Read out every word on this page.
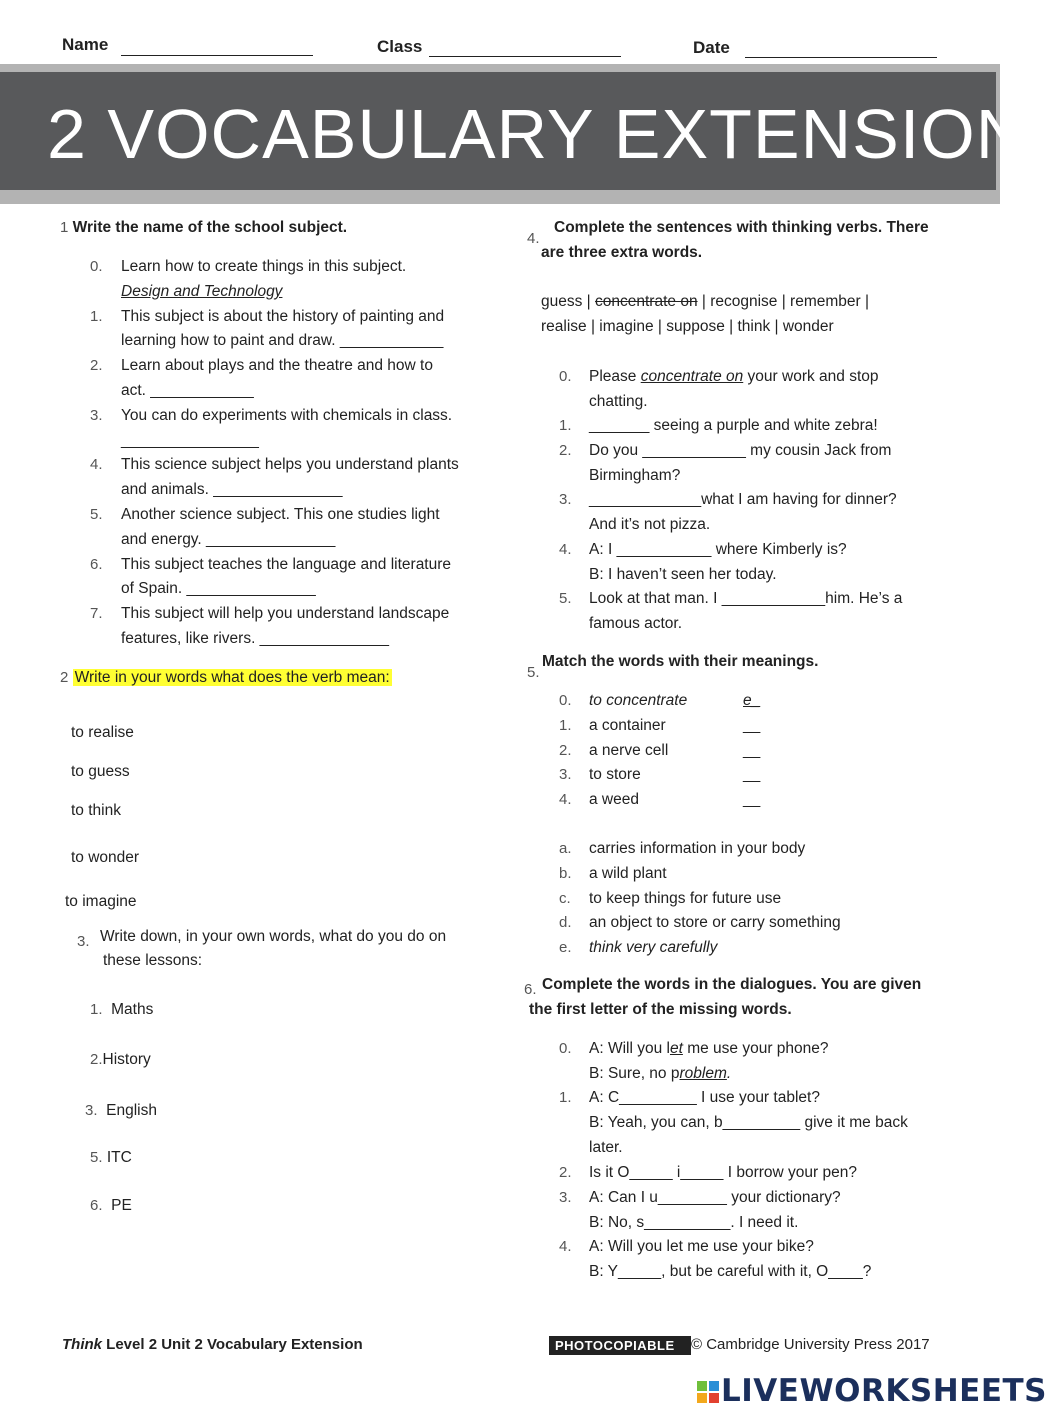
Name	Class	Date
2 VOCABULARY EXTENSION
1 Write the name of the school subject.
0. Learn how to create things in this subject.
Design and Technology
1. This subject is about the history of painting and
learning how to paint and draw. ____________
2. Learn about plays and the theatre and how to
act. ____________
3. You can do experiments with chemicals in class.
________________
4. This science subject helps you understand plants
and animals. _______________
5. Another science subject. This one studies light
and energy. _______________
6. This subject teaches the language and literature
of Spain. _______________
7. This subject will help you understand landscape
features, like rivers. _______________
2 Write in your words what does the verb mean:
to realise
to guess
to think
to wonder
to imagine
3. Write down, in your own words, what do you do on
these lessons:
1. Maths
2.History
3. English
5. ITC
6. PE
4.
Complete the sentences with thinking verbs. There
are three extra words.
guess | concentrate on | recognise | remember |
realise | imagine | suppose | think | wonder
0. Please concentrate on your work and stop
chatting.
1. _______ seeing a purple and white zebra!
2. Do you ____________ my cousin Jack from
Birmingham?
3. _____________what I am having for dinner?
And it’s not pizza.
4. A: I ___________ where Kimberly is?
B: I haven’t seen her today.
5. Look at that man. I ____________him. He’s a
famous actor.
5.
Match the words with their meanings.
0. to concentrate	e_
1. a container	__
2. a nerve cell	__
3. to store	__
4. a weed	__
a. carries information in your body
b. a wild plant
c. to keep things for future use
d. an object to store or carry something
e. think very carefully
6. Complete the words in the dialogues. You are given
the first letter of the missing words.
0. A: Will you let me use your phone?
B: Sure, no problem.
1. A: C_________ I use your tablet?
B: Yeah, you can, b_________ give it me back
later.
2. Is it O_____ i_____ I borrow your pen?
3. A: Can I u________ your dictionary?
B: No, s__________. I need it.
4. A: Will you let me use your bike?
B: Y_____, but be careful with it, O____?
Think Level 2 Unit 2 Vocabulary Extension	PHOTOCOPIABLE	© Cambridge University Press 2017
LIVEWORKSHEETS
